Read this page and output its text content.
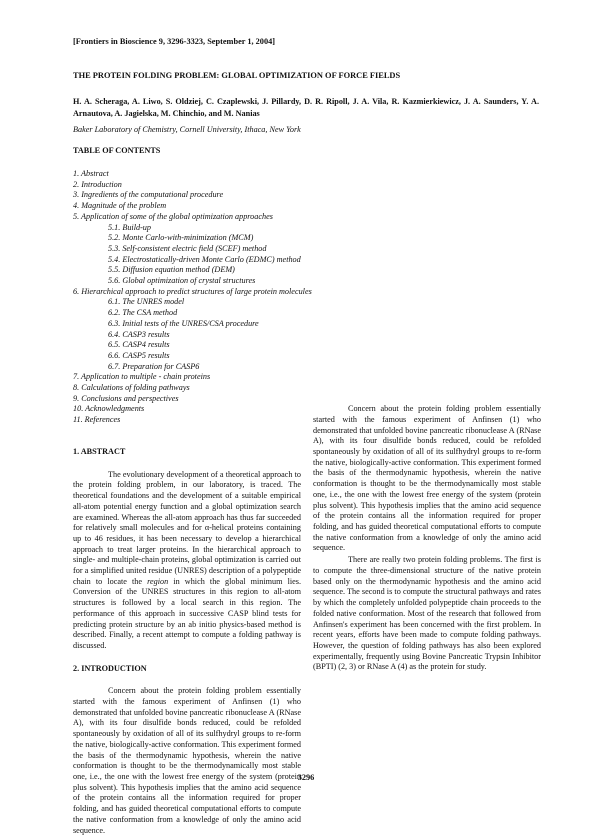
[Frontiers in Bioscience 9, 3296-3323, September 1, 2004]
THE PROTEIN FOLDING PROBLEM: GLOBAL OPTIMIZATION OF FORCE FIELDS
H. A. Scheraga, A. Liwo, S. Oldziej, C. Czaplewski, J. Pillardy, D. R. Ripoll, J. A. Vila, R. Kazmierkiewicz, J. A. Saunders, Y. A. Arnautova, A. Jagielska, M. Chinchio, and M. Nanias
Baker Laboratory of Chemistry, Cornell University, Ithaca, New York
TABLE OF CONTENTS
1. Abstract
2. Introduction
3. Ingredients of the computational procedure
4. Magnitude of the problem
5. Application of some of the global optimization approaches
5.1. Build-up
5.2. Monte Carlo-with-minimization (MCM)
5.3. Self-consistent electric field (SCEF) method
5.4. Electrostatically-driven Monte Carlo (EDMC) method
5.5. Diffusion equation method (DEM)
5.6. Global optimization of crystal structures
6. Hierarchical approach to predict structures of large protein molecules
6.1. The UNRES model
6.2. The CSA method
6.3. Initial tests of the UNRES/CSA procedure
6.4. CASP3 results
6.5. CASP4 results
6.6. CASP5 results
6.7. Preparation for CASP6
7. Application to multiple - chain proteins
8. Calculations of folding pathways
9. Conclusions and perspectives
10. Acknowledgments
11. References
1. ABSTRACT

The evolutionary development of a theoretical approach to the protein folding problem, in our laboratory, is traced. The theoretical foundations and the development of a suitable empirical all-atom potential energy function and a global optimization search are examined. Whereas the all-atom approach has thus far succeeded for relatively small molecules and for α-helical proteins containing up to 46 residues, it has been necessary to develop a hierarchical approach to treat larger proteins. In the hierarchical approach to single- and multiple-chain proteins, global optimization is carried out for a simplified united residue (UNRES) description of a polypeptide chain to locate the region in which the global minimum lies. Conversion of the UNRES structures in this region to all-atom structures is followed by a local search in this region. The performance of this approach in successive CASP blind tests for predicting protein structure by an ab initio physics-based method is described. Finally, a recent attempt to compute a folding pathway is discussed.

2. INTRODUCTION

Concern about the protein folding problem essentially started with the famous experiment of Anfinsen (1) who demonstrated that unfolded bovine pancreatic ribonuclease A (RNase A), with its four disulfide bonds reduced, could be refolded spontaneously by oxidation of all of its sulfhydryl groups to re-form the native, biologically-active conformation. This experiment formed the basis of the thermodynamic hypothesis, wherein the native conformation is thought to be the thermodynamically most stable one, i.e., the one with the lowest free energy of the system (protein plus solvent). This hypothesis implies that the amino acid sequence of the protein contains all the information required for proper folding, and has guided theoretical computational efforts to compute the native conformation from a knowledge of only the amino acid sequence.

Concern about the protein folding problem essentially started with the famous experiment of Anfinsen (1) who demonstrated that unfolded bovine pancreatic ribonuclease A (RNase A), with its four disulfide bonds reduced, could be refolded spontaneously by oxidation of all of its sulfhydryl groups to re-form the native, biologically-active conformation. This experiment formed the basis of the thermodynamic hypothesis, wherein the native conformation is thought to be the thermodynamically most stable one, i.e., the one with the lowest free energy of the system (protein plus solvent). This hypothesis implies that the amino acid sequence of the protein contains all the information required for proper folding, and has guided theoretical computational efforts to compute the native conformation from a knowledge of only the amino acid sequence.

There are really two protein folding problems. The first is to compute the three-dimensional structure of the native protein based only on the thermodynamic hypothesis and the amino acid sequence. The second is to compute the structural pathways and rates by which the completely unfolded polypeptide chain proceeds to the folded native conformation. Most of the research that followed from Anfinsen's experiment has been concerned with the first problem. In recent years, efforts have been made to compute folding pathways. However, the question of folding pathways has also been explored experimentally, frequently using Bovine Pancreatic Trypsin Inhibitor (BPTI) (2, 3) or RNase A (4) as the protein for study.

3296
